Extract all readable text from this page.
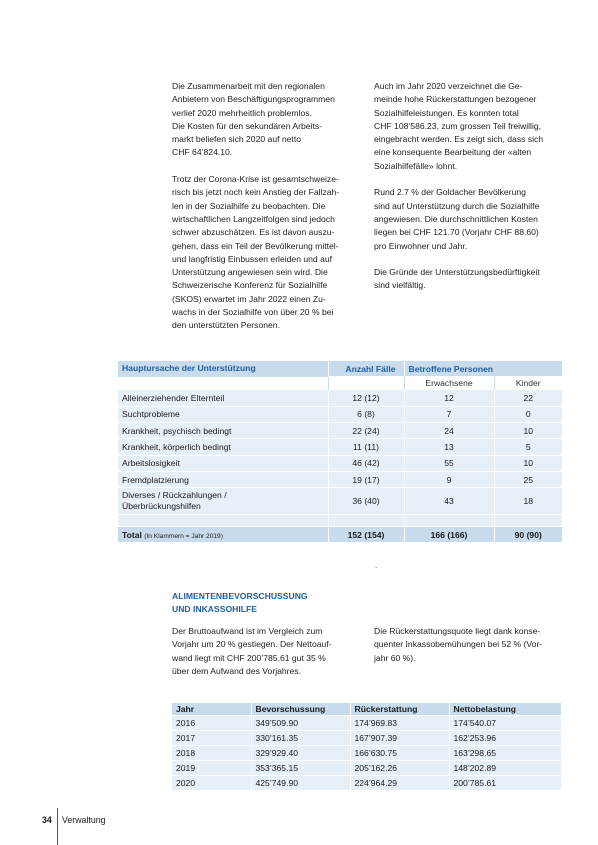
Die Zusammenarbeit mit den regionalen
Anbietern von Beschäftigungsprogrammen
verlief 2020 mehrheitlich problemlos.
Die Kosten für den sekundären Arbeits-
markt beliefen sich 2020 auf netto
CHF 64’824.10.

Trotz der Corona-Krise ist gesamtschweize-
risch bis jetzt noch kein Anstieg der Fallzah-
len in der Sozialhilfe zu beobachten. Die
wirtschaftlichen Langzeitfolgen sind jedoch
schwer abzuschätzen. Es ist davon auszu-
gehen, dass ein Teil der Bevölkerung mittel-
und langfristig Einbussen erleiden und auf
Unterstützung angewiesen sein wird. Die
Schweizerische Konferenz für Sozialhilfe
(SKOS) erwartet im Jahr 2022 einen Zu-
wachs in der Sozialhilfe von über 20 % bei
den unterstützten Personen.

Auch im Jahr 2020 verzeichnet die Ge-
meinde hohe Rückerstattungen bezogener
Sozialhilfeleistungen. Es konnten total
CHF 108’586.23, zum grossen Teil freiwillig,
eingebracht werden. Es zeigt sich, dass sich
eine konsequente Bearbeitung der «alten
Sozialhilfefälle» lohnt.

Rund 2.7 % der Goldacher Bevölkerung
sind auf Unterstützung durch die Sozialhilfe
angewiesen. Die durchschnittlichen Kosten
liegen bei CHF 121.70 (Vorjahr CHF 88.60)
pro Einwohner und Jahr.

Die Gründe der Unterstützungsbedürftigkeit
sind vielfältig.

Hauptursache der Unterstützung	Anzahl Fälle	Betroffene Personen	
		Erwachsene	Kinder
Alleinerziehender Elternteil	12 (12)	12	22
Suchtprobleme	6 (8)	7	0
Krankheit, psychisch bedingt	22 (24)	24	10
Krankheit, körperlich bedingt	11 (11)	13	5
Arbeitslosigkeit	46 (42)	55	10
Fremdplatzierung	19 (17)	9	25
Diverses / Rückzahlungen /
Überbrückungshilfen	36 (40)	43	18

Total (In Klammern = Jahr 2019)	152 (154)	166 (166)	90 (90)
.
ALIMENTENBEVORSCHUSSUNG
UND INKASSOHILFE

Der Bruttoaufwand ist im Vergleich zum
Vorjahr um 20 % gestiegen. Der Nettoauf-
wand liegt mit CHF 200’785.61 gut 35 %
über dem Aufwand des Vorjahres.

Die Rückerstattungsquote liegt dank konse-
quenter Inkassobemühungen bei 52 % (Vor-
jahr 60 %).

Jahr	Bevorschussung	Rückerstattung	Nettobelastung
2016	349’509.90	174’969.83	174’540.07
2017	330’161.35	167’907.39	162’253.96
2018	329’929.40	166’630.75	163’298.65
2019	353’365.15	205’162.26	148’202.89
2020	425’749.90	224’964.29	200’785.61
34 Verwaltung
